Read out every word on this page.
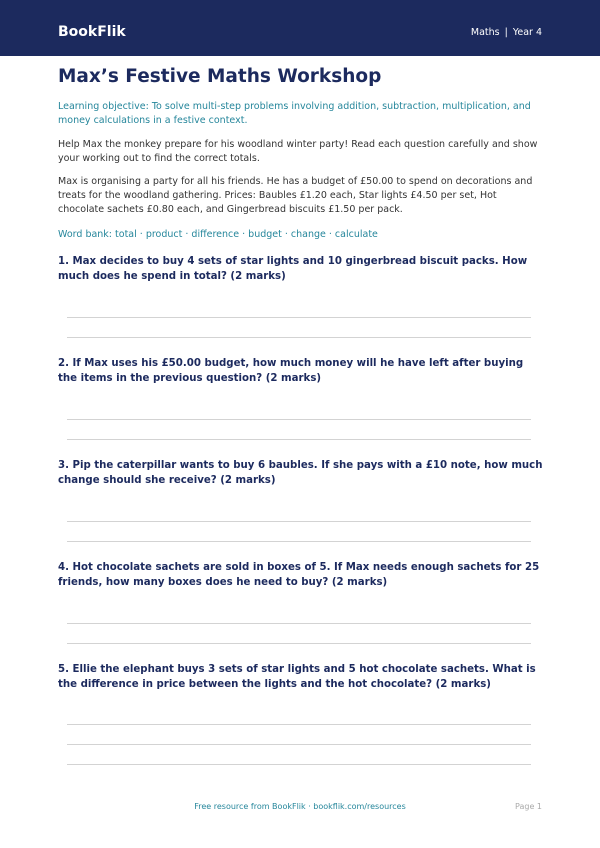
BookFlik	Maths | Year 4
Max’s Festive Maths Workshop

Learning objective: To solve multi-step problems involving addition, subtraction, multiplication, and money calculations in a festive context.

Help Max the monkey prepare for his woodland winter party! Read each question carefully and show your working out to find the correct totals.

Max is organising a party for all his friends. He has a budget of £50.00 to spend on decorations and treats for the woodland gathering. Prices: Baubles £1.20 each, Star lights £4.50 per set, Hot chocolate sachets £0.80 each, and Gingerbread biscuits £1.50 per pack.

Word bank: total · product · difference · budget · change · calculate

1. Max decides to buy 4 sets of star lights and 10 gingerbread biscuit packs. How much does he spend in total? (2 marks)

2. If Max uses his £50.00 budget, how much money will he have left after buying the items in the previous question? (2 marks)

3. Pip the caterpillar wants to buy 6 baubles. If she pays with a £10 note, how much change should she receive? (2 marks)

4. Hot chocolate sachets are sold in boxes of 5. If Max needs enough sachets for 25 friends, how many boxes does he need to buy? (2 marks)

5. Ellie the elephant buys 3 sets of star lights and 5 hot chocolate sachets. What is the difference in price between the lights and the hot chocolate? (2 marks)

Free resource from BookFlik · bookflik.com/resources	Page 1
